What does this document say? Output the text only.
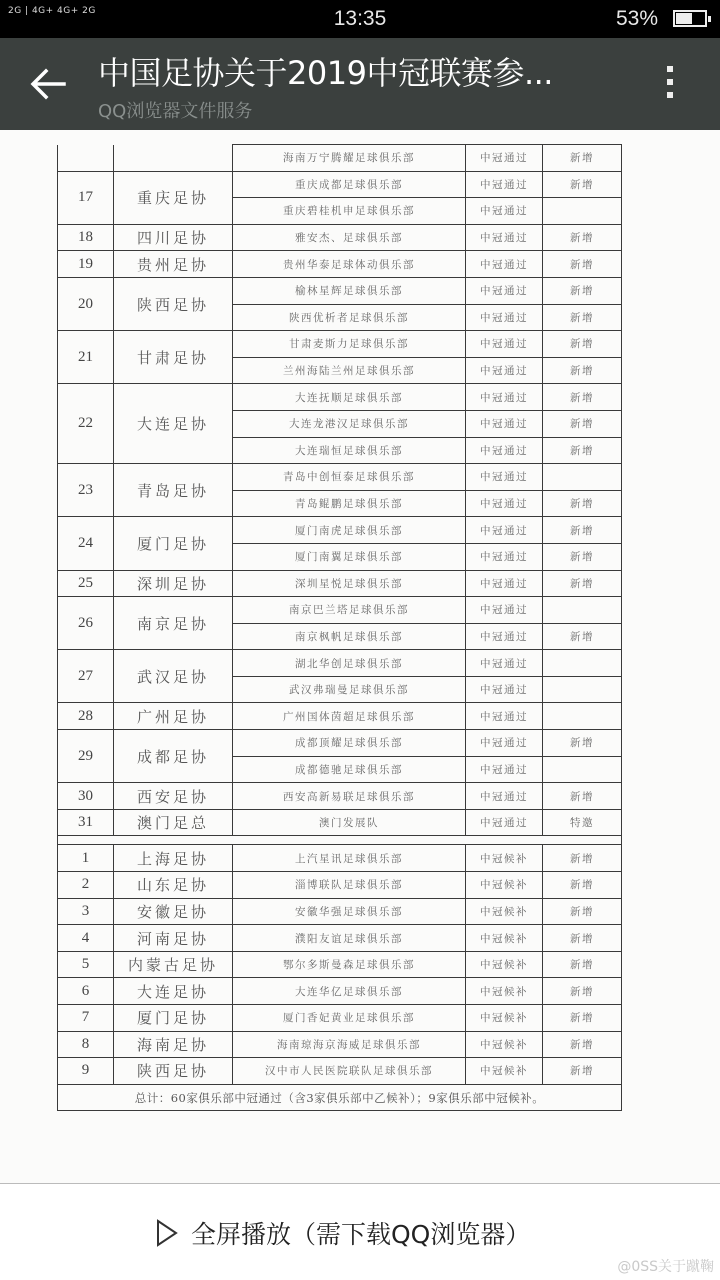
2G | 4G+ 4G+ 2G	13:35	53%
中国足协关于2019中冠联赛参...
QQ浏览器文件服务
		海南万宁腾耀足球俱乐部	中冠通过	新增
17	重庆足协	重庆成都足球俱乐部	中冠通过	新增
		重庆碧桂机申足球俱乐部	中冠通过	
18	四川足协	雅安杰、足球俱乐部	中冠通过	新增
19	贵州足协	贵州华泰足球体动俱乐部	中冠通过	新增
20	陕西足协	榆林星辉足球俱乐部	中冠通过	新增
		陕西优析者足球俱乐部	中冠通过	新增
21	甘肃足协	甘肃麦斯力足球俱乐部	中冠通过	新增
		兰州海陆兰州足球俱乐部	中冠通过	新增
22	大连足协	大连抚顺足球俱乐部	中冠通过	新增
		大连龙港汉足球俱乐部	中冠通过	新增
		大连瑞恒足球俱乐部	中冠通过	新增
23	青岛足协	青岛中创恒泰足球俱乐部	中冠通过	
		青岛鲲鹏足球俱乐部	中冠通过	新增
24	厦门足协	厦门南虎足球俱乐部	中冠通过	新增
		厦门南翼足球俱乐部	中冠通过	新增
25	深圳足协	深圳星悦足球俱乐部	中冠通过	新增
26	南京足协	南京巴兰塔足球俱乐部	中冠通过	
		南京枫帆足球俱乐部	中冠通过	新增
27	武汉足协	湖北华创足球俱乐部	中冠通过	
		武汉弗瑞曼足球俱乐部	中冠通过	
28	广州足协	广州国体茵超足球俱乐部	中冠通过	
29	成都足协	成都顶耀足球俱乐部	中冠通过	新增
		成都德驰足球俱乐部	中冠通过	
30	西安足协	西安高新易联足球俱乐部	中冠通过	新增
31	澳门足总	澳门发展队	中冠通过	特邀

1	上海足协	上汽星讯足球俱乐部	中冠候补	新增
2	山东足协	淄博联队足球俱乐部	中冠候补	新增
3	安徽足协	安徽华强足球俱乐部	中冠候补	新增
4	河南足协	濮阳友谊足球俱乐部	中冠候补	新增
5	内蒙古足协	鄂尔多斯曼森足球俱乐部	中冠候补	新增
6	大连足协	大连华亿足球俱乐部	中冠候补	新增
7	厦门足协	厦门香妃黄业足球俱乐部	中冠候补	新增
8	海南足协	海南琼海京海威足球俱乐部	中冠候补	新增
9	陕西足协	汉中市人民医院联队足球俱乐部	中冠候补	新增
总计：60家俱乐部中冠通过（含3家俱乐部中乙候补）；9家俱乐部中冠候补。				
全屏播放（需下载QQ浏览器）
@0SS关于蹴鞠
